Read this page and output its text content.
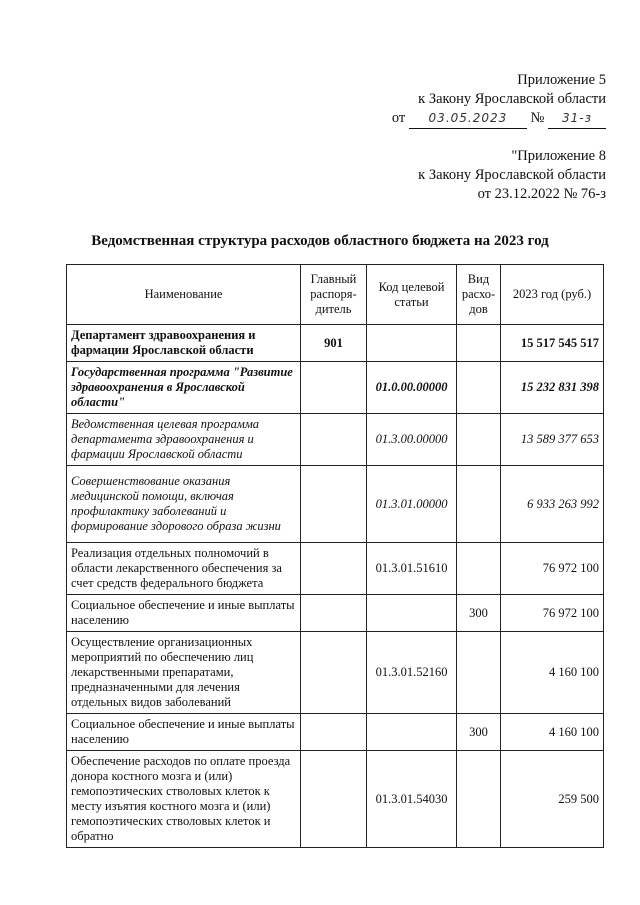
Приложение 5
к Закону Ярославской области
от 03.05.2023 № 31-з
"Приложение 8
к Закону Ярославской области
от 23.12.2022 № 76-з
Ведомственная структура расходов областного бюджета на 2023 год
Наименование	Главный распоря-дитель	Код целевой статьи	Вид расхо-дов	2023 год (руб.)
Департамент здравоохранения и фармации Ярославской области	901			15 517 545 517
Государственная программа "Развитие здравоохранения в Ярославской области"		01.0.00.00000		15 232 831 398
Ведомственная целевая программа департамента здравоохранения и фармации Ярославской области		01.3.00.00000		13 589 377 653
Совершенствование оказания медицинской помощи, включая профилактику заболеваний и формирование здорового образа жизни		01.3.01.00000		6 933 263 992
Реализация отдельных полномочий в области лекарственного обеспечения за счет средств федерального бюджета		01.3.01.51610		76 972 100
Социальное обеспечение и иные выплаты населению			300	76 972 100
Осуществление организационных мероприятий по обеспечению лиц лекарственными препаратами, предназначенными для лечения отдельных видов заболеваний		01.3.01.52160		4 160 100
Социальное обеспечение и иные выплаты населению			300	4 160 100
Обеспечение расходов по оплате проезда донора костного мозга и (или) гемопоэтических стволовых клеток к месту изъятия костного мозга и (или) гемопоэтических стволовых клеток и обратно		01.3.01.54030		259 500
